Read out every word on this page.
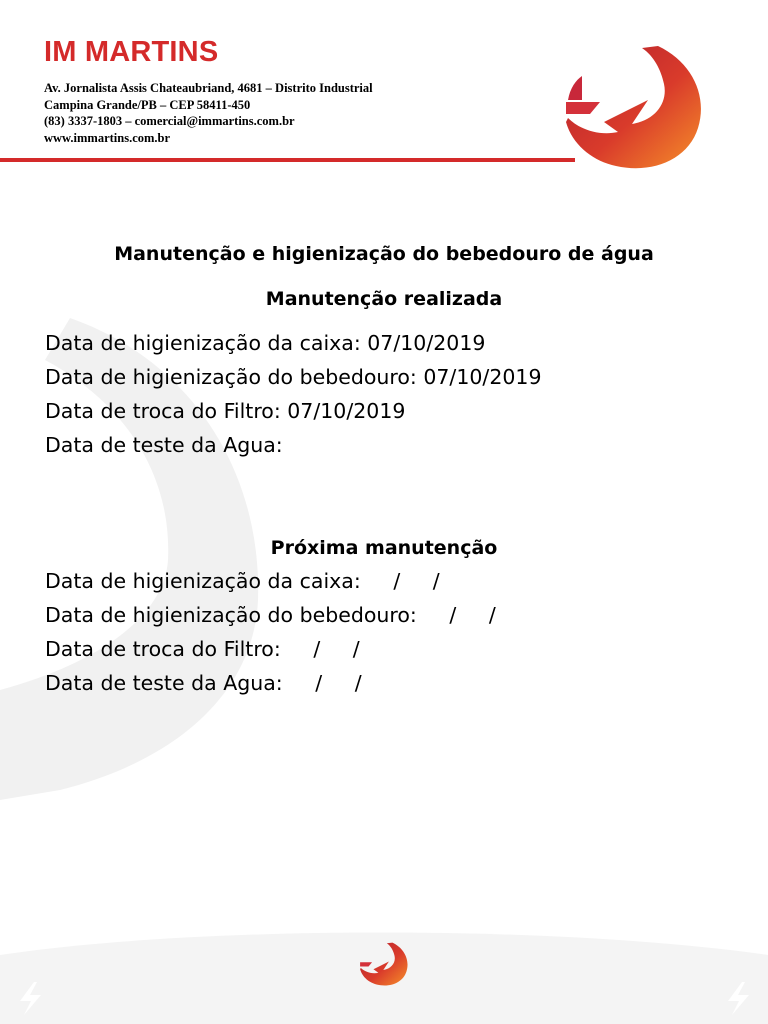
IM MARTINS
Av. Jornalista Assis Chateaubriand, 4681 – Distrito Industrial
Campina Grande/PB – CEP 58411-450
(83) 3337-1803 – comercial@immartins.com.br
www.immartins.com.br
Manutenção e higienização do bebedouro de água
Manutenção realizada
Data de higienização da caixa: 07/10/2019
Data de higienização do bebedouro: 07/10/2019
Data de troca do Filtro: 07/10/2019
Data de teste da Agua:
Próxima manutenção
Data de higienização da caixa:     /     /
Data de higienização do bebedouro:     /     /
Data de troca do Filtro:     /     /
Data de teste da Agua:     /     /
